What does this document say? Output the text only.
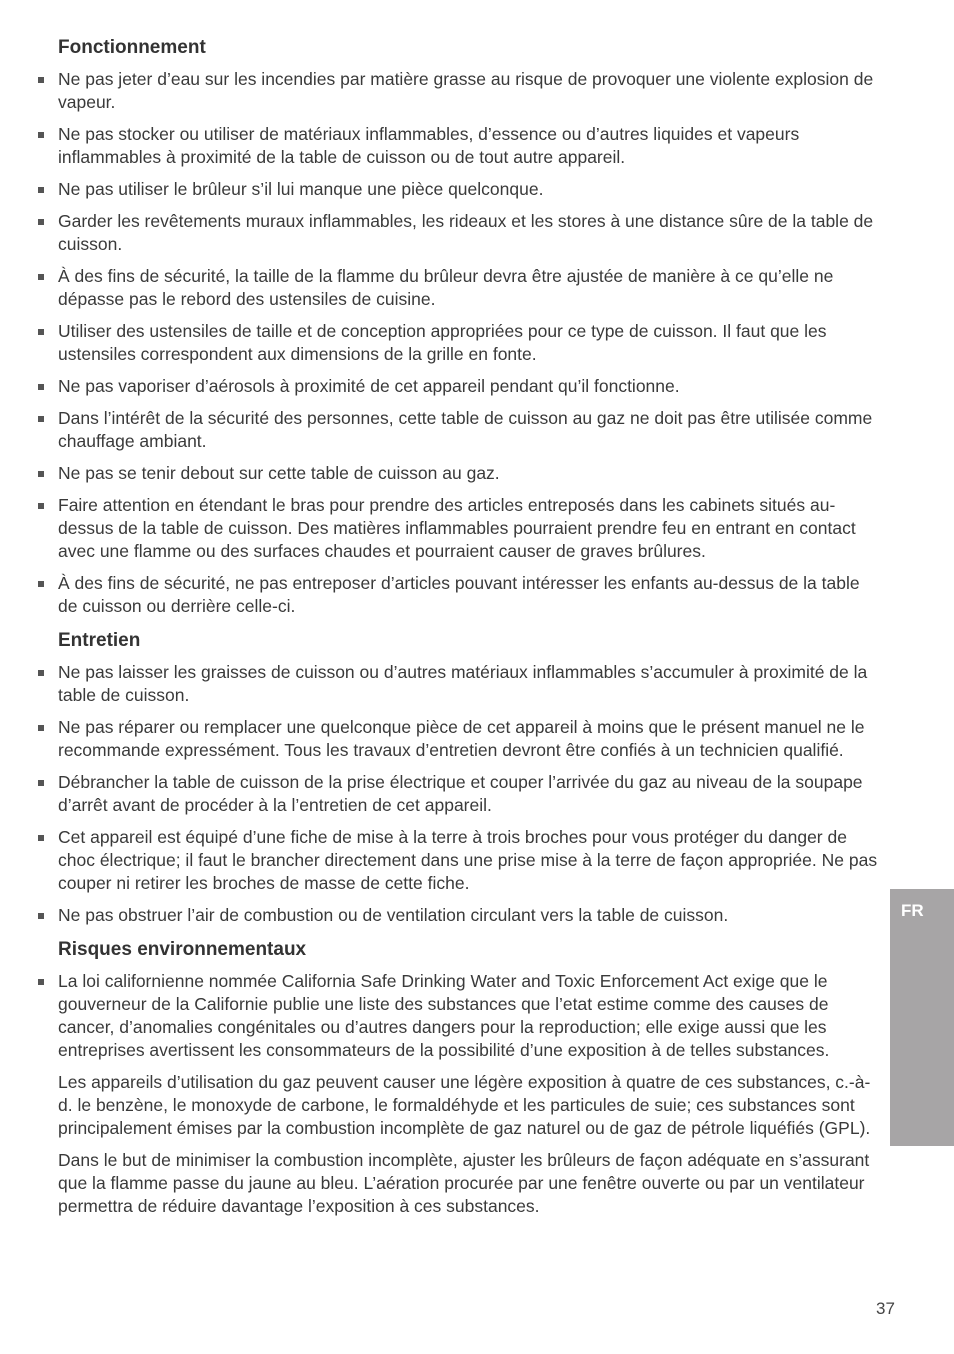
Fonctionnement
Ne pas jeter d’eau sur les incendies par matière grasse au risque de provoquer une violente explosion de vapeur.
Ne pas stocker ou utiliser de matériaux inflammables, d’essence ou d’autres liquides et vapeurs inflammables à proximité de la table de cuisson ou de tout autre appareil.
Ne pas utiliser le brûleur s’il lui manque une pièce quelconque.
Garder les revêtements muraux inflammables, les rideaux et les stores à une distance sûre de la table de cuisson.
À des fins de sécurité, la taille de la flamme du brûleur devra être ajustée de manière à ce qu’elle ne dépasse pas le rebord des ustensiles de cuisine.
Utiliser des ustensiles de taille et de conception appropriées pour ce type de cuisson. Il faut que les ustensiles correspondent aux dimensions de la grille en fonte.
Ne pas vaporiser d’aérosols à proximité de cet appareil pendant qu’il fonctionne.
Dans l’intérêt de la sécurité des personnes, cette table de cuisson au gaz ne doit pas être utilisée comme chauffage ambiant.
Ne pas se tenir debout sur cette table de cuisson au gaz.
Faire attention en étendant le bras pour prendre des articles entreposés dans les cabinets situés au-dessus de la table de cuisson. Des matières inflammables pourraient prendre feu en entrant en contact avec une flamme ou des surfaces chaudes et pourraient causer de graves brûlures.
À des fins de sécurité, ne pas entreposer d’articles pouvant intéresser les enfants au-dessus de la table de cuisson ou derrière celle-ci.
Entretien
Ne pas laisser les graisses de cuisson ou d’autres matériaux inflammables s’accumuler à proximité de la table de cuisson.
Ne pas réparer ou remplacer une quelconque pièce de cet appareil à moins que le présent manuel ne le recommande expressément. Tous les travaux d’entretien devront être confiés à un technicien qualifié.
Débrancher la table de cuisson de la prise électrique et couper l’arrivée du gaz au niveau de la soupape d’arrêt avant de procéder à la l’entretien de cet appareil.
Cet appareil est équipé d’une fiche de mise à la terre à trois broches pour vous protéger du danger de choc électrique; il faut le brancher directement dans une prise mise à la terre de façon appropriée. Ne pas couper ni retirer les broches de masse de cette fiche.
Ne pas obstruer l’air de combustion ou de ventilation circulant vers la table de cuisson.
Risques environnementaux
La loi californienne nommée California Safe Drinking Water and Toxic Enforcement Act exige que le gouverneur de la Californie publie une liste des substances que l’etat estime comme des causes de cancer, d’anomalies congénitales ou d’autres dangers pour la reproduction; elle exige aussi que les entreprises avertissent les consommateurs de la possibilité d’une exposition à de telles substances.

Les appareils d’utilisation du gaz peuvent causer une légère exposition à quatre de ces substances, c.-à-d. le benzène, le monoxyde de carbone, le formaldéhyde et les particules de suie; ces substances sont principalement émises par la combustion incomplète de gaz naturel ou de gaz de pétrole liquéfiés (GPL).

Dans le but de minimiser la combustion incomplète, ajuster les brûleurs de façon adéquate en s’assurant que la flamme passe du jaune au bleu. L’aération procurée par une fenêtre ouverte ou par un ventilateur permettra de réduire davantage l’exposition à ces substances.

FR
37
